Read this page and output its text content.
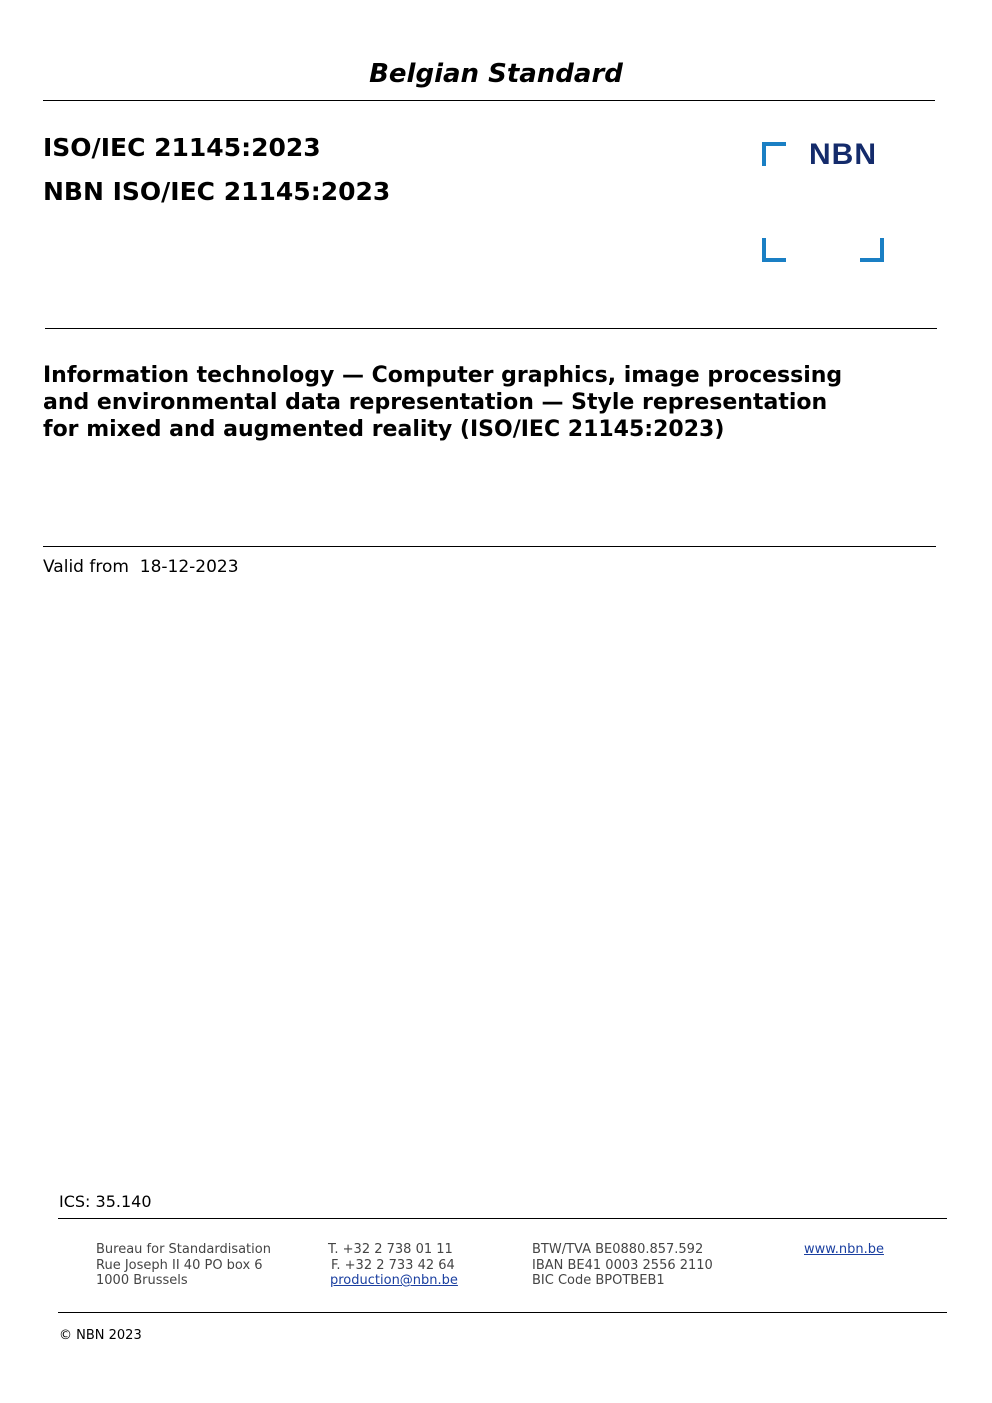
Belgian Standard
ISO/IEC 21145:2023
NBN ISO/IEC 21145:2023
NBN
Information technology — Computer graphics, image processing and environmental data representation — Style representation for mixed and augmented reality (ISO/IEC 21145:2023)
Valid from 18-12-2023
ICS: 35.140
Bureau for Standardisation
Rue Joseph II 40 PO box 6
1000 Brussels
T. +32 2 738 01 11
F. +32 2 733 42 64
production@nbn.be
BTW/TVA BE0880.857.592
IBAN BE41 0003 2556 2110
BIC Code BPOTBEB1
www.nbn.be
© NBN 2023
